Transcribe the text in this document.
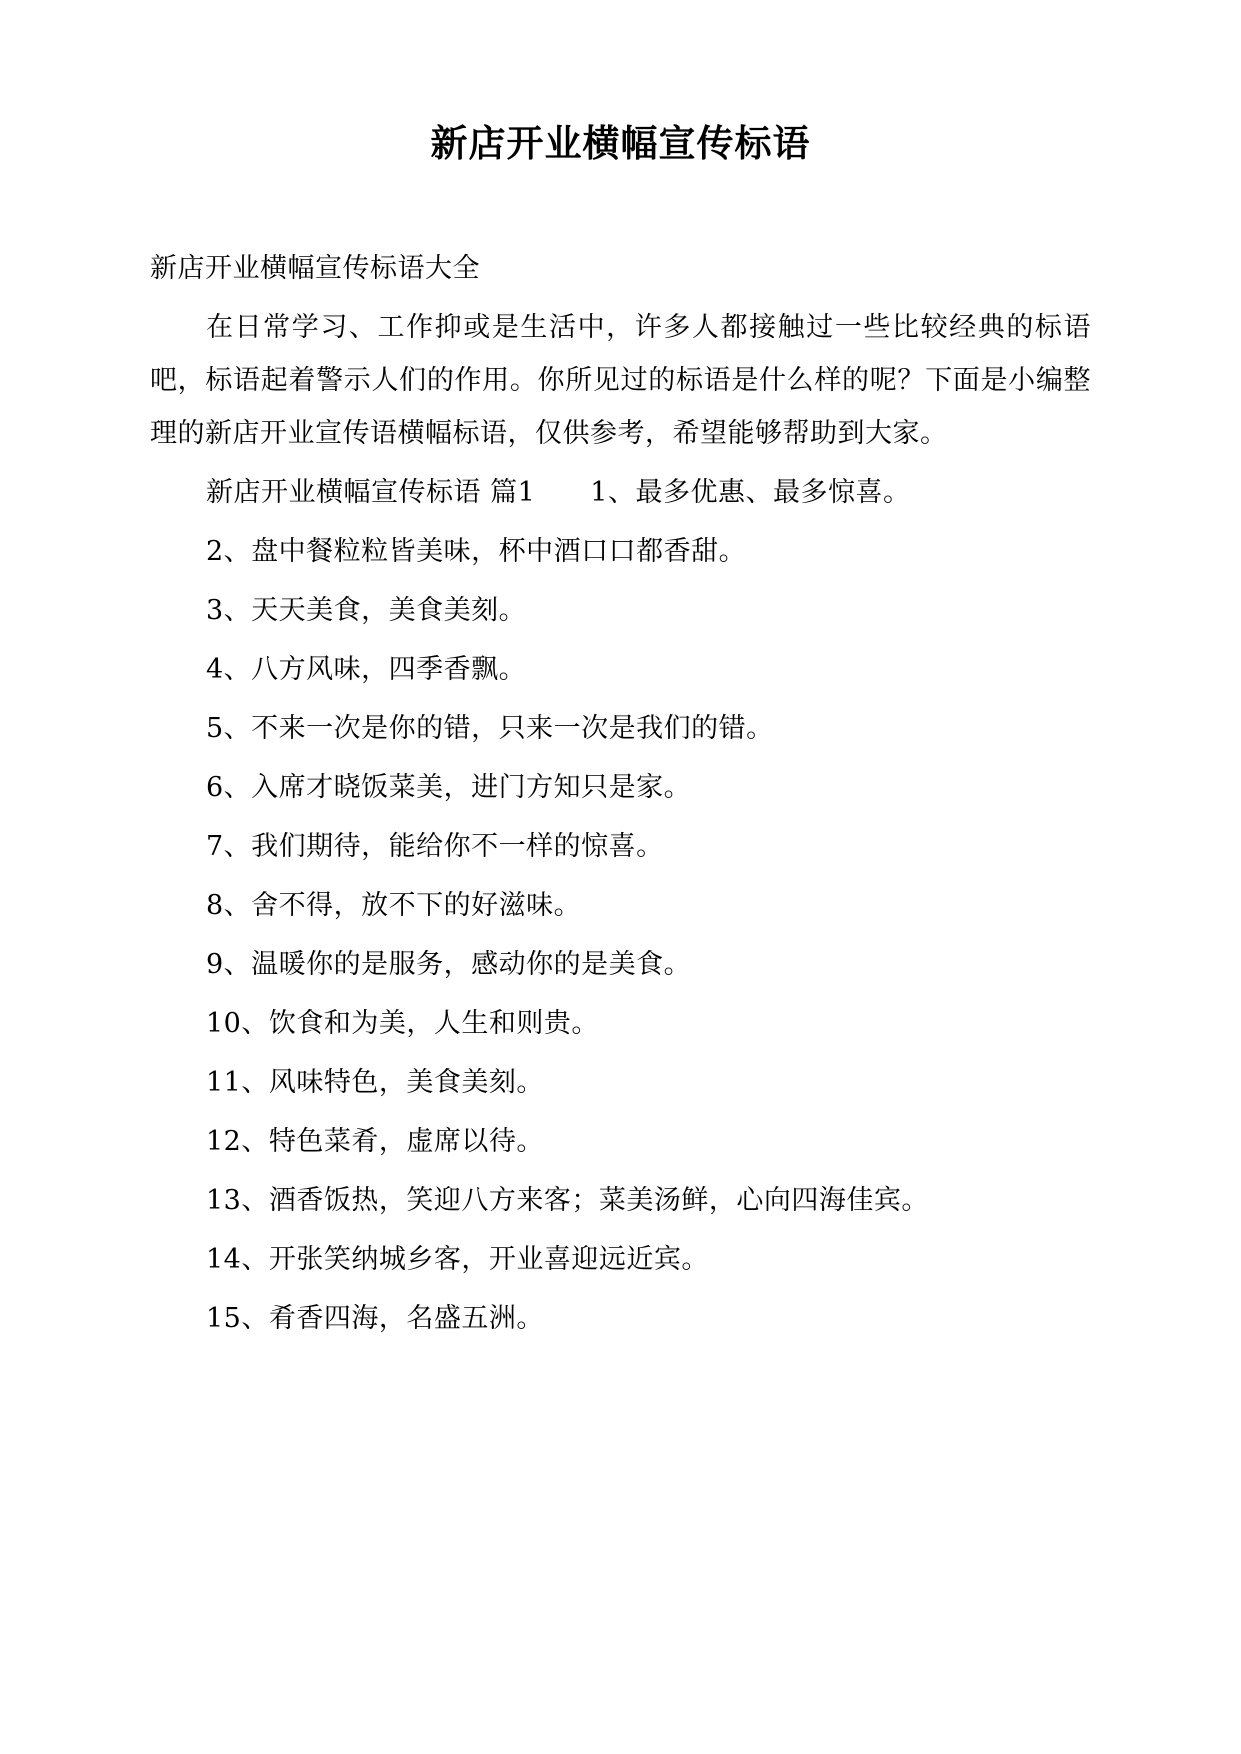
新店开业横幅宣传标语

新店开业横幅宣传标语大全

在日常学习、工作抑或是生活中，许多人都接触过一些比较经典的标语吧，标语起着警示人们的作用。你所见过的标语是什么样的呢？下面是小编整理的新店开业宣传语横幅标语，仅供参考，希望能够帮助到大家。

新店开业横幅宣传标语 篇1　　1、最多优惠、最多惊喜。

2、盘中餐粒粒皆美味，杯中酒口口都香甜。

3、天天美食，美食美刻。

4、八方风味，四季香飘。

5、不来一次是你的错，只来一次是我们的错。

6、入席才晓饭菜美，进门方知只是家。

7、我们期待，能给你不一样的惊喜。

8、舍不得，放不下的好滋味。

9、温暖你的是服务，感动你的是美食。

10、饮食和为美，人生和则贵。

11、风味特色，美食美刻。

12、特色菜肴，虚席以待。

13、酒香饭热，笑迎八方来客；菜美汤鲜，心向四海佳宾。

14、开张笑纳城乡客，开业喜迎远近宾。

15、肴香四海，名盛五洲。
